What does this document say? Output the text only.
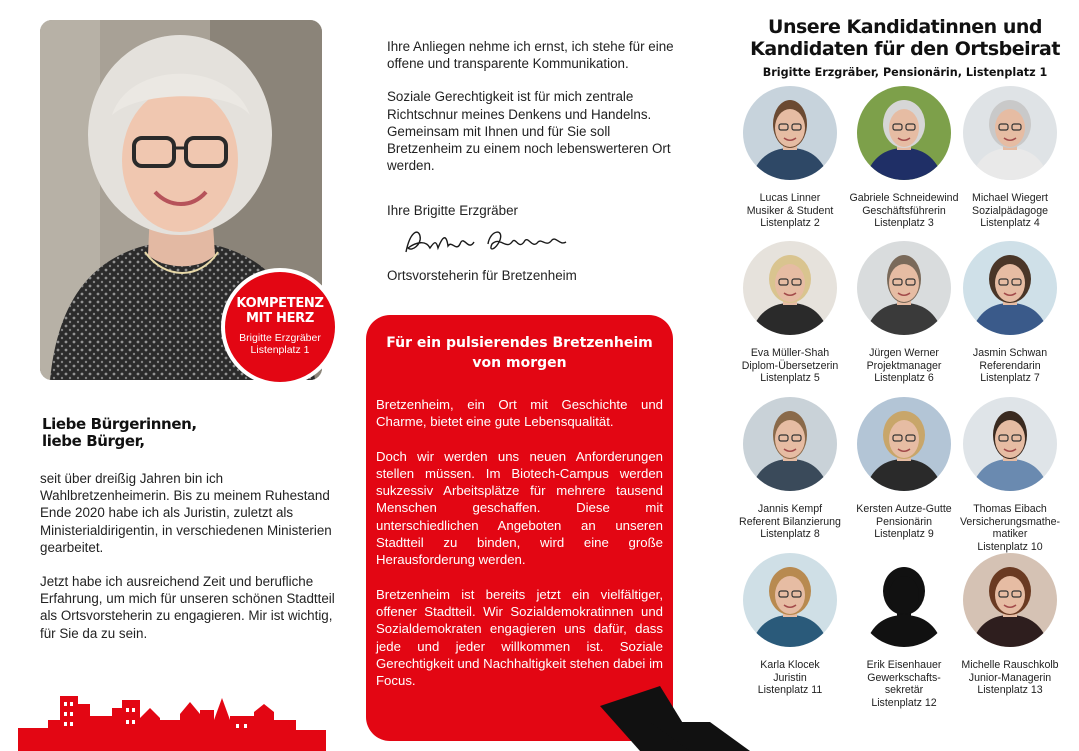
KOMPETENZ
MIT HERZ
Brigitte Erzgräber
Listenplatz 1
Liebe Bürgerinnen,
liebe Bürger,

seit über dreißig Jahren bin ich Wahlbretzenheimerin. Bis zu meinem Ruhestand Ende 2020 habe ich als Juristin, zuletzt als Ministerialdirigentin, in verschiedenen Ministerien gearbeitet.

Jetzt habe ich ausreichend Zeit und berufliche Erfahrung, um mich für unseren schönen Stadtteil als Ortsvorsteherin zu engagieren. Mir ist wichtig, für Sie da zu sein.

Ihre Anliegen nehme ich ernst, ich stehe für eine offene und transparente Kommunikation.

Soziale Gerechtigkeit ist für mich zentrale Richtschnur meines Denkens und Handelns. Gemeinsam mit Ihnen und für Sie soll Bretzenheim zu einem noch lebenswerteren Ort werden.

Ihre Brigitte Erzgräber
Ortsvorsteherin für Bretzenheim
Für ein pulsierendes Bretzenheim
von morgen

Bretzenheim, ein Ort mit Geschichte und Charme, bietet eine gute Lebensqualität.

Doch wir werden uns neuen Anforderungen stellen müssen. Im Biotech-Campus werden sukzessiv Arbeitsplätze für mehrere tausend Menschen geschaffen. Diese mit unterschiedlichen Angeboten an unseren Stadtteil zu binden, wird eine große Herausforderung werden.

Bretzenheim ist bereits jetzt ein vielfältiger, offener Stadtteil. Wir Sozialdemokratinnen und Sozialdemokraten engagieren uns dafür, dass jede und jeder willkommen ist. Soziale Gerechtigkeit und Nachhaltigkeit stehen dabei im Focus.

Unsere Kandidatinnen und
Kandidaten für den Ortsbeirat
Brigitte Erzgräber, Pensionärin, Listenplatz 1
Lucas Linner
Musiker & Student
Listenplatz 2
Gabriele Schneidewind
Geschäftsführerin
Listenplatz 3
Michael Wiegert
Sozialpädagoge
Listenplatz 4
Eva Müller-Shah
Diplom-Übersetzerin
Listenplatz 5
Jürgen Werner
Projektmanager
Listenplatz 6
Jasmin Schwan
Referendarin
Listenplatz 7
Jannis Kempf
Referent Bilanzierung
Listenplatz 8
Kersten Autze-Gutte
Pensionärin
Listenplatz 9
Thomas Eibach
Versicherungsmathe-
matiker
Listenplatz 10
Karla Klocek
Juristin
Listenplatz 11
Erik Eisenhauer
Gewerkschafts-
sekretär
Listenplatz 12
Michelle Rauschkolb
Junior-Managerin
Listenplatz 13
